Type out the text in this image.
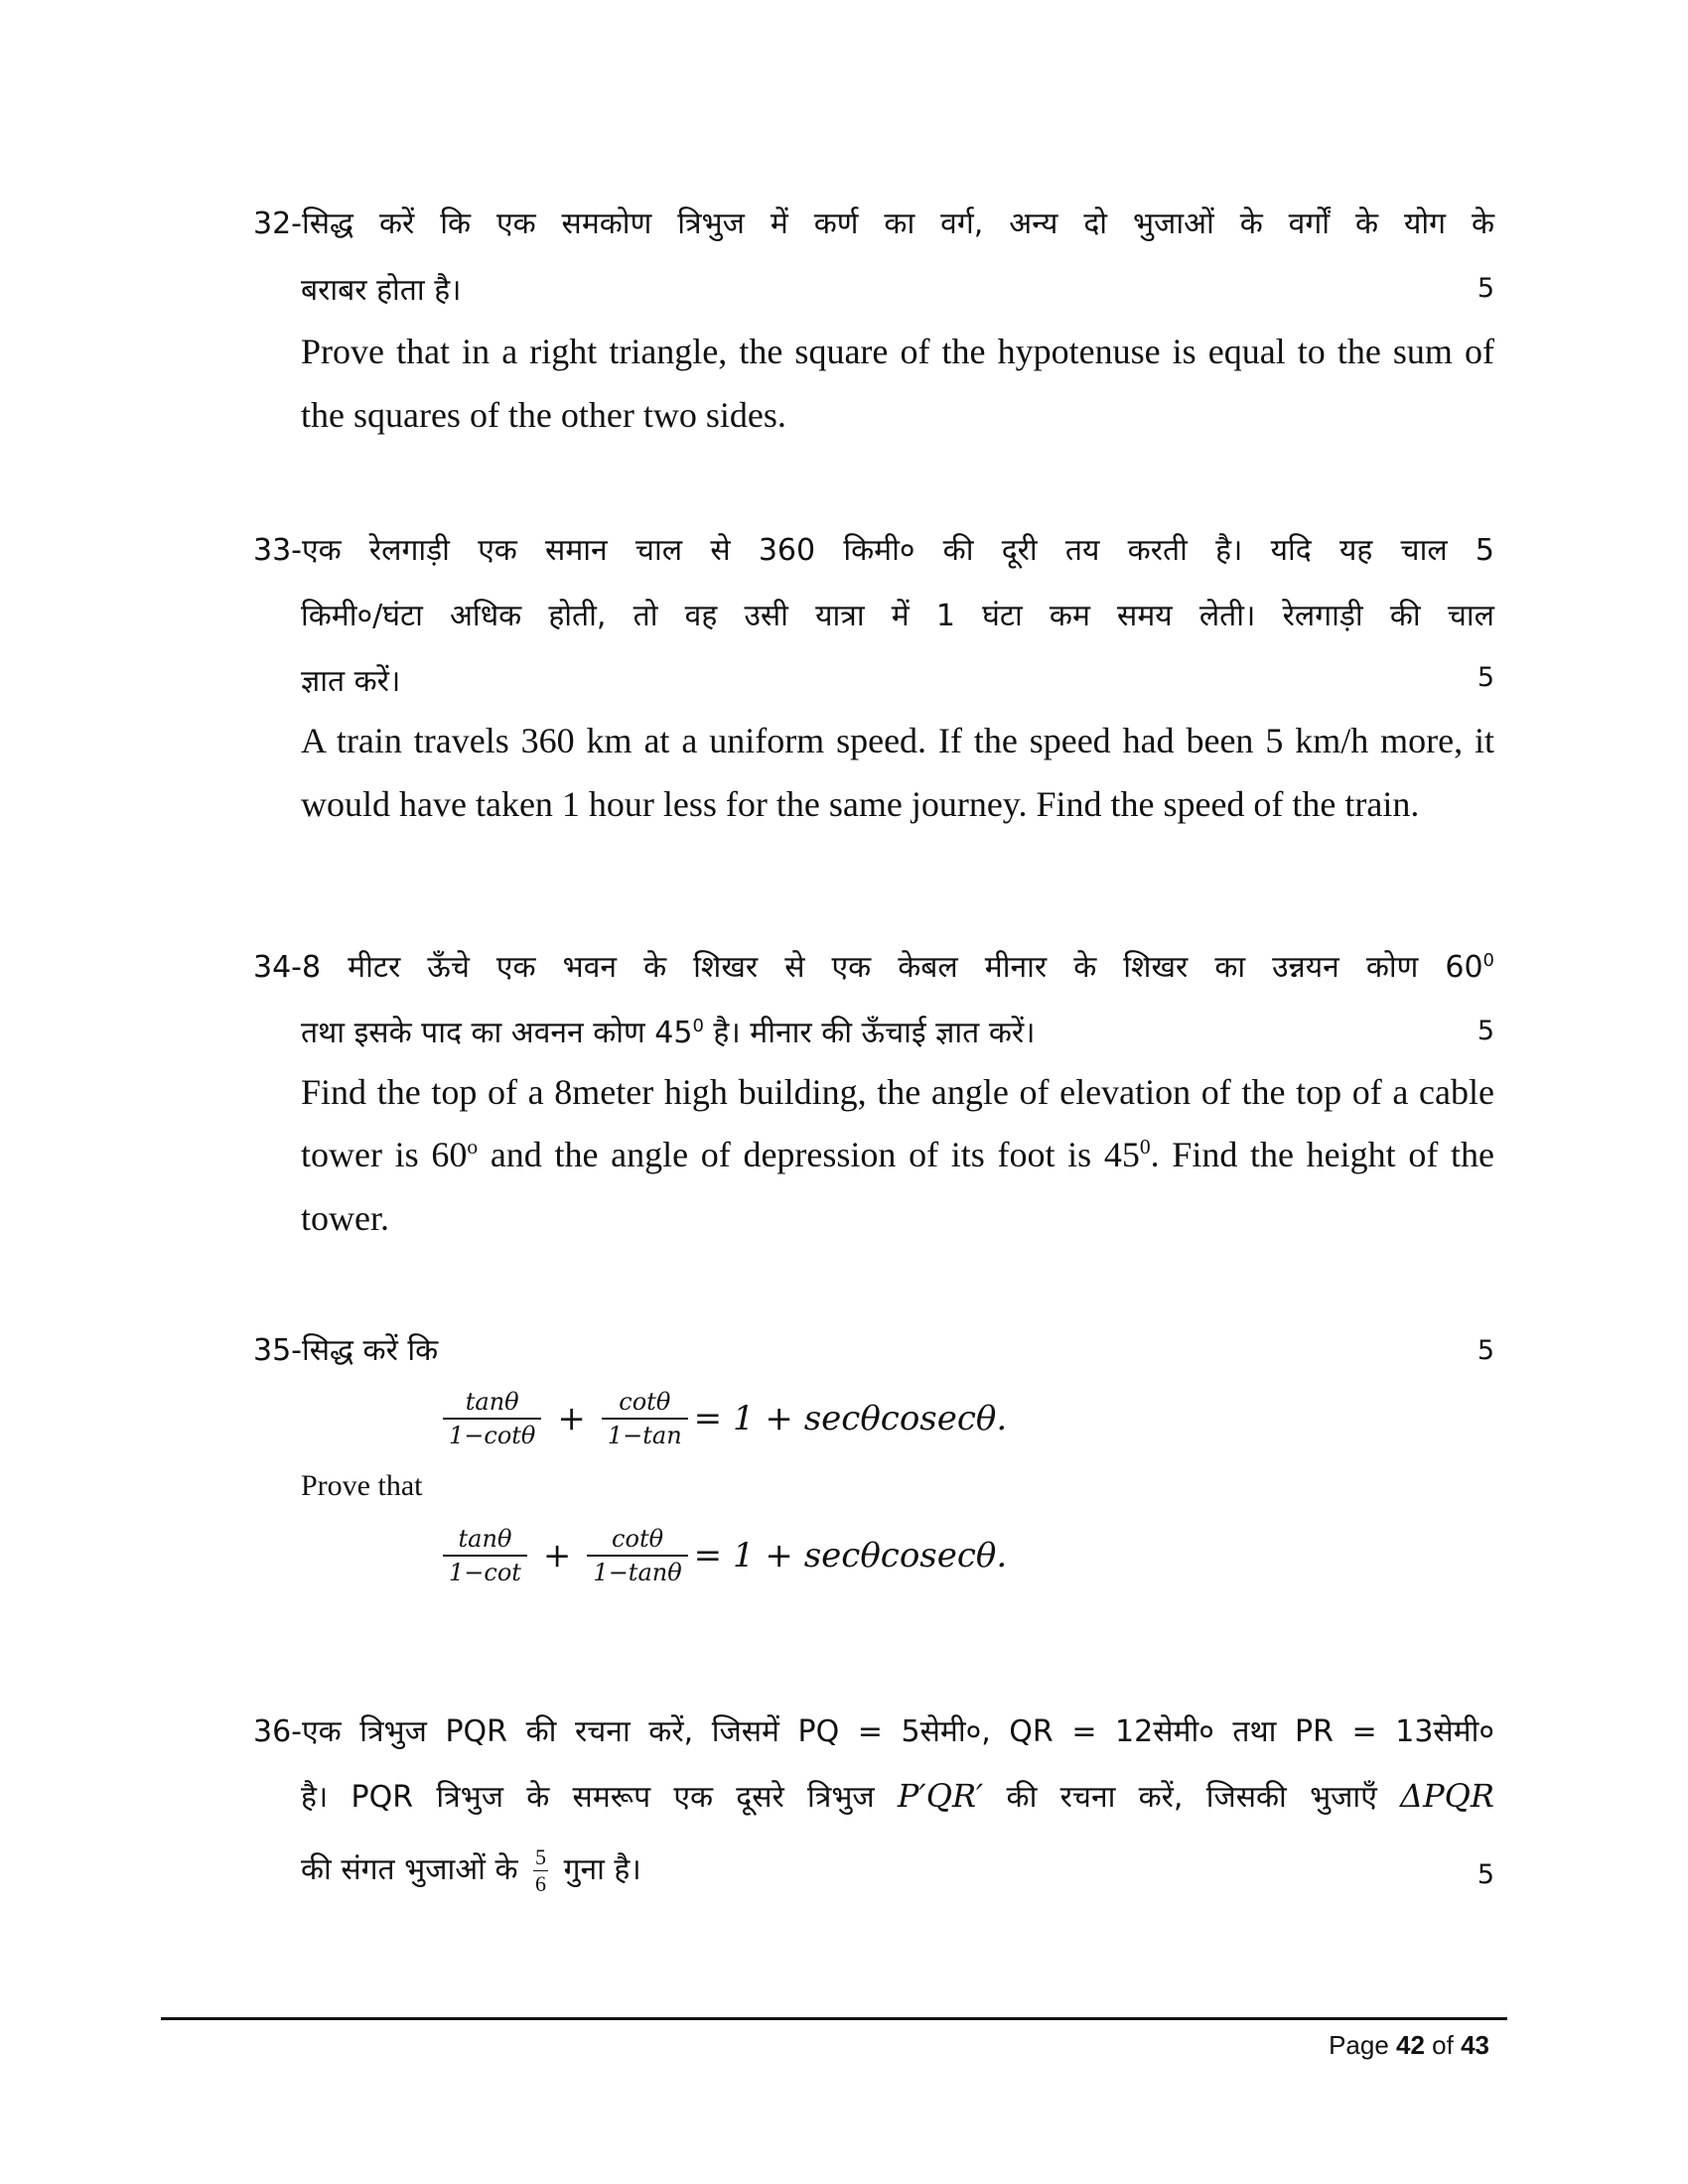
32-सिद्ध करें कि एक समकोण त्रिभुज में कर्ण का वर्ग, अन्य दो भुजाओं के वर्गों के योग के
बराबर होता है।	5
Prove that in a right triangle, the square of the hypotenuse is equal to the sum of
the squares of the other two sides.
33-एक रेलगाड़ी एक समान चाल से 360 किमी० की दूरी तय करती है। यदि यह चाल 5
किमी०/घंटा अधिक होती, तो वह उसी यात्रा में 1 घंटा कम समय लेती। रेलगाड़ी की चाल
ज्ञात करें।	5
A train travels 360 km at a uniform speed. If the speed had been 5 km/h more, it
would have taken 1 hour less for the same journey. Find the speed of the train.
34-8 मीटर ऊँचे एक भवन के शिखर से एक केबल मीनार के शिखर का उन्नयन कोण $60^0$
तथा इसके पाद का अवनन कोण $45^0$ है। मीनार की ऊँचाई ज्ञात करें।	5
Find the top of a 8meter high building, the angle of elevation of the top of a cable
tower is 60$^o$ and the angle of depression of its foot is $45^0$. Find the height of the
tower.
35-सिद्ध करें कि	5
$\frac{\tan\theta}{1-\cot\theta} + \frac{\cot\theta}{1-\tan} = 1 + \sec\theta cosec\theta$.
Prove that
$\frac{\tan\theta}{1-\cot} + \frac{\cot\theta}{1-\tan\theta} = 1 + \sec\theta cosec\theta$.
36-एक त्रिभुज PQR की रचना करें, जिसमें PQ = 5सेमी०, QR = 12सेमी० तथा PR = 13सेमी०
है। PQR त्रिभुज के समरूप एक दूसरे त्रिभुज P′QR′ की रचना करें, जिसकी भुजाएँ ΔPQR
की संगत भुजाओं के $\frac{5}{6}$ गुना है।	5
Page 42 of 43
